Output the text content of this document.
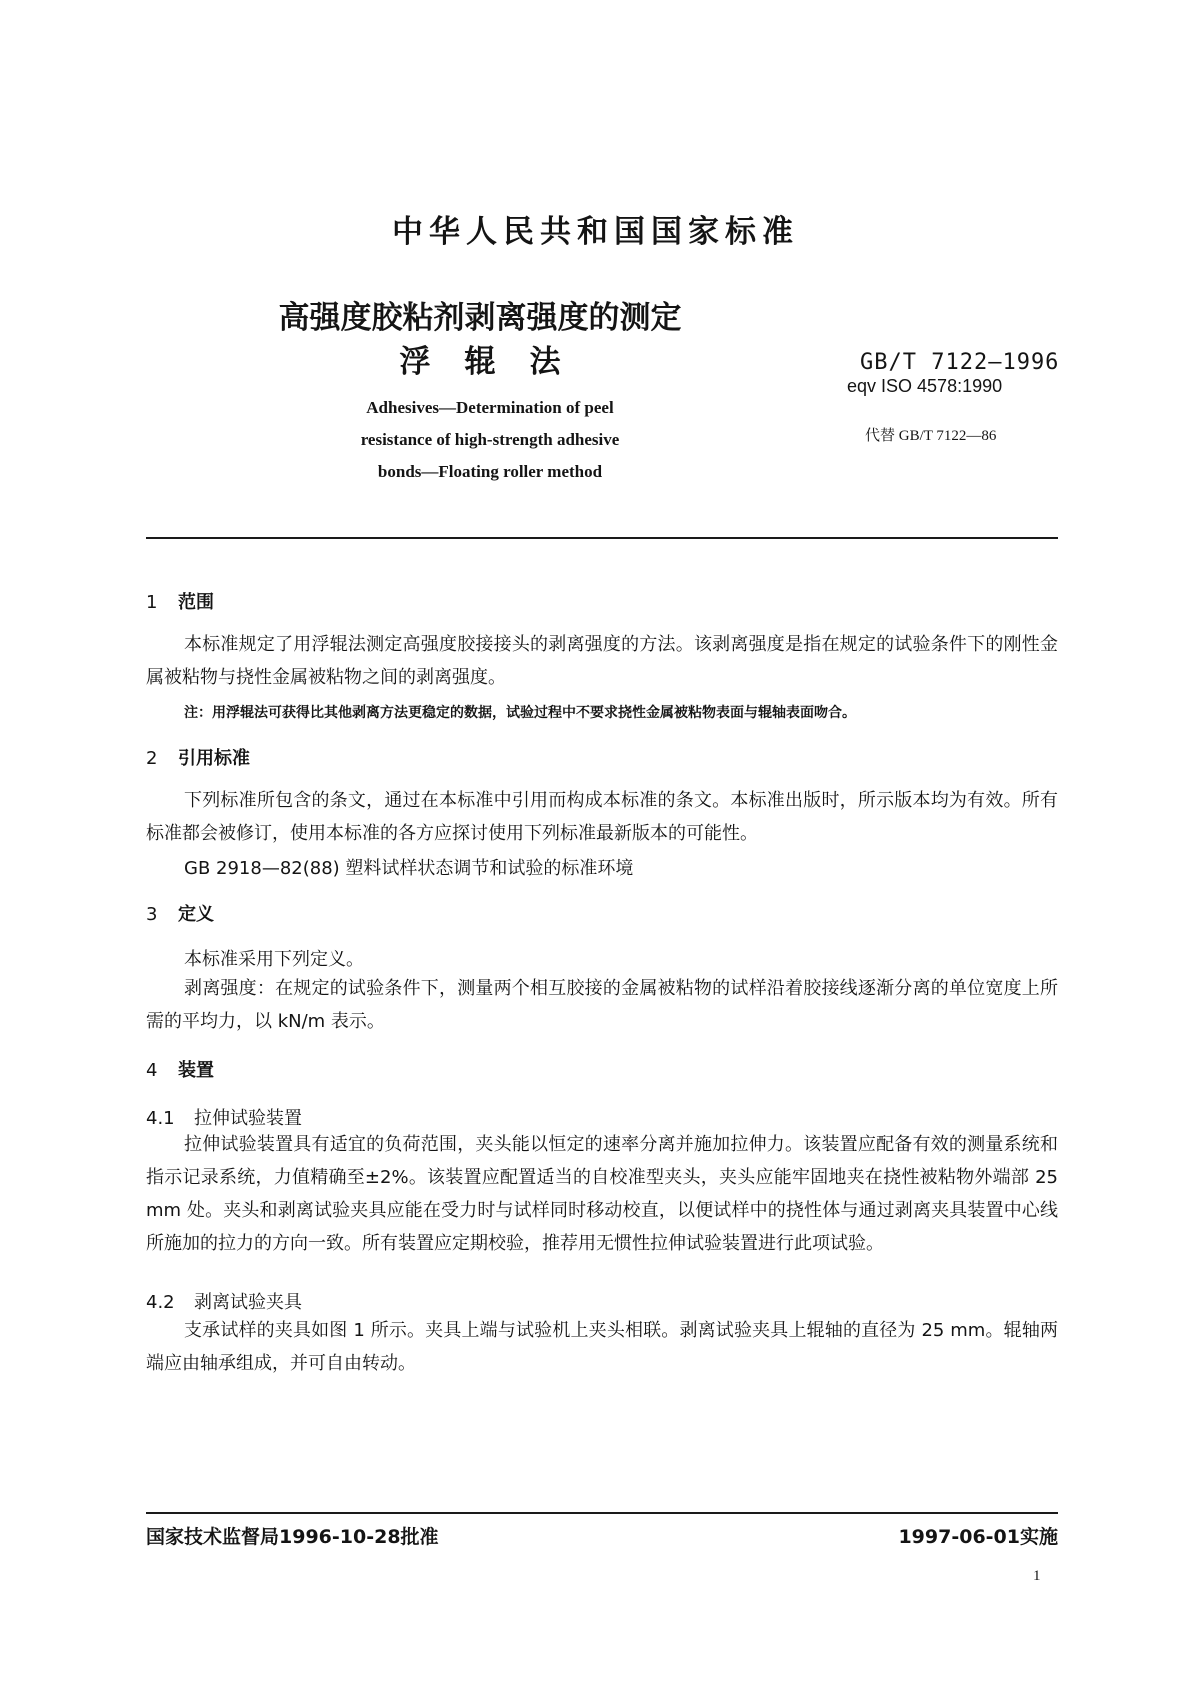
中华人民共和国国家标准
高强度胶粘剂剥离强度的测定
浮辊法
Adhesives—Determination of peel
resistance of high-strength adhesive
bonds—Floating roller method
GB/T 7122—1996
eqv ISO 4578:1990
代替 GB/T 7122—86
1 范围
本标准规定了用浮辊法测定高强度胶接接头的剥离强度的方法。该剥离强度是指在规定的试验条件下的刚性金属被粘物与挠性金属被粘物之间的剥离强度。
注：用浮辊法可获得比其他剥离方法更稳定的数据，试验过程中不要求挠性金属被粘物表面与辊轴表面吻合。
2 引用标准
下列标准所包含的条文，通过在本标准中引用而构成本标准的条文。本标准出版时，所示版本均为有效。所有标准都会被修订，使用本标准的各方应探讨使用下列标准最新版本的可能性。
GB 2918—82(88) 塑料试样状态调节和试验的标准环境
3 定义
本标准采用下列定义。
剥离强度：在规定的试验条件下，测量两个相互胶接的金属被粘物的试样沿着胶接线逐渐分离的单位宽度上所需的平均力，以 kN/m 表示。
4 装置
4.1 拉伸试验装置
拉伸试验装置具有适宜的负荷范围，夹头能以恒定的速率分离并施加拉伸力。该装置应配备有效的测量系统和指示记录系统，力值精确至±2%。该装置应配置适当的自校准型夹头，夹头应能牢固地夹在挠性被粘物外端部 25 mm 处。夹头和剥离试验夹具应能在受力时与试样同时移动校直，以便试样中的挠性体与通过剥离夹具装置中心线所施加的拉力的方向一致。所有装置应定期校验，推荐用无惯性拉伸试验装置进行此项试验。
4.2 剥离试验夹具
支承试样的夹具如图 1 所示。夹具上端与试验机上夹头相联。剥离试验夹具上辊轴的直径为 25 mm。辊轴两端应由轴承组成，并可自由转动。
国家技术监督局1996-10-28批准	1997-06-01实施
1
